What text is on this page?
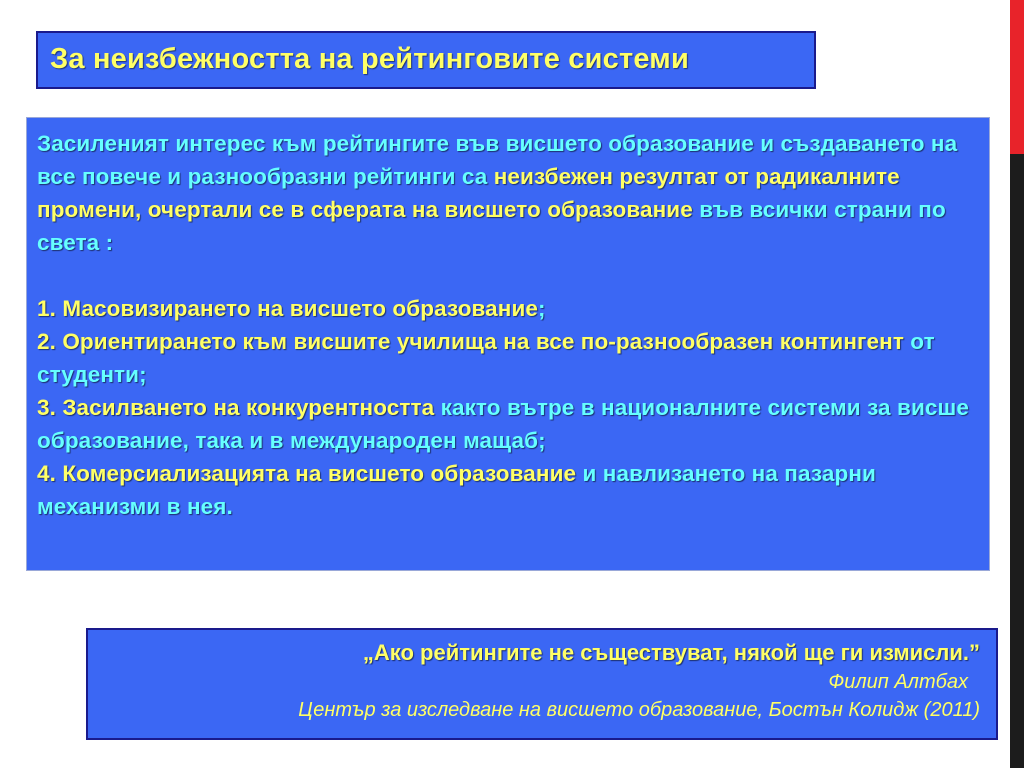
За неизбежността на рейтинговите системи
Засиленият интерес към рейтингите във висшето образование и създаването на все повече и разнообразни рейтинги са неизбежен резултат от радикалните промени, очертали се в сферата на висшето образование във всички страни по света :
1. Масовизирането на висшето образование;
2. Ориентирането към висшите училища на все по-разнообразен контингент от студенти;
3. Засилването на конкурентността както вътре в националните системи за висше образование, така и в международен мащаб;
4. Комерсиализацията на висшето образование и навлизането на пазарни механизми в нея.
„Ако рейтингите не съществуват, някой ще ги измисли.”
Филип Алтбах
Център за изследване на висшето образование, Бостън Колидж (2011)
